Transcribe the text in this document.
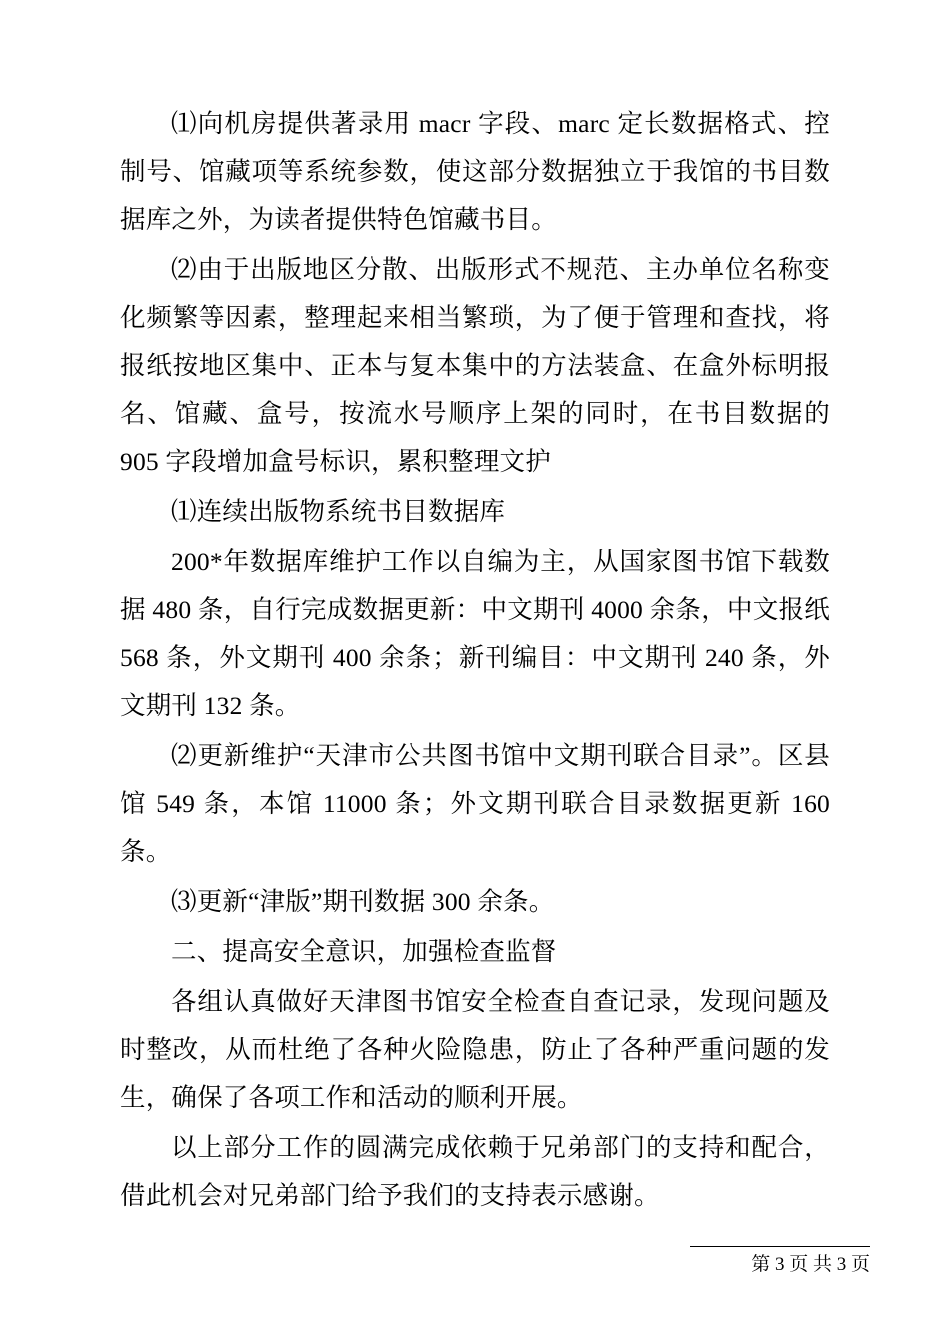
⑴向机房提供著录用 macr 字段、marc 定长数据格式、控制号、馆藏项等系统参数，使这部分数据独立于我馆的书目数据库之外，为读者提供特色馆藏书目。

⑵由于出版地区分散、出版形式不规范、主办单位名称变化频繁等因素，整理起来相当繁琐，为了便于管理和查找，将报纸按地区集中、正本与复本集中的方法装盒、在盒外标明报名、馆藏、盒号，按流水号顺序上架的同时，在书目数据的 905 字段增加盒号标识，累积整理文护

⑴连续出版物系统书目数据库

200*年数据库维护工作以自编为主，从国家图书馆下载数据 480 条，自行完成数据更新：中文期刊 4000 余条，中文报纸 568 条，外文期刊 400 余条；新刊编目：中文期刊 240 条，外文期刊 132 条。

⑵更新维护“天津市公共图书馆中文期刊联合目录”。区县馆 549 条，本馆 11000 条；外文期刊联合目录数据更新 160 条。

⑶更新“津版”期刊数据 300 余条。

二、提高安全意识，加强检查监督

各组认真做好天津图书馆安全检查自查记录，发现问题及时整改，从而杜绝了各种火险隐患，防止了各种严重问题的发生，确保了各项工作和活动的顺利开展。

以上部分工作的圆满完成依赖于兄弟部门的支持和配合，借此机会对兄弟部门给予我们的支持表示感谢。

第 3 页 共 3 页
